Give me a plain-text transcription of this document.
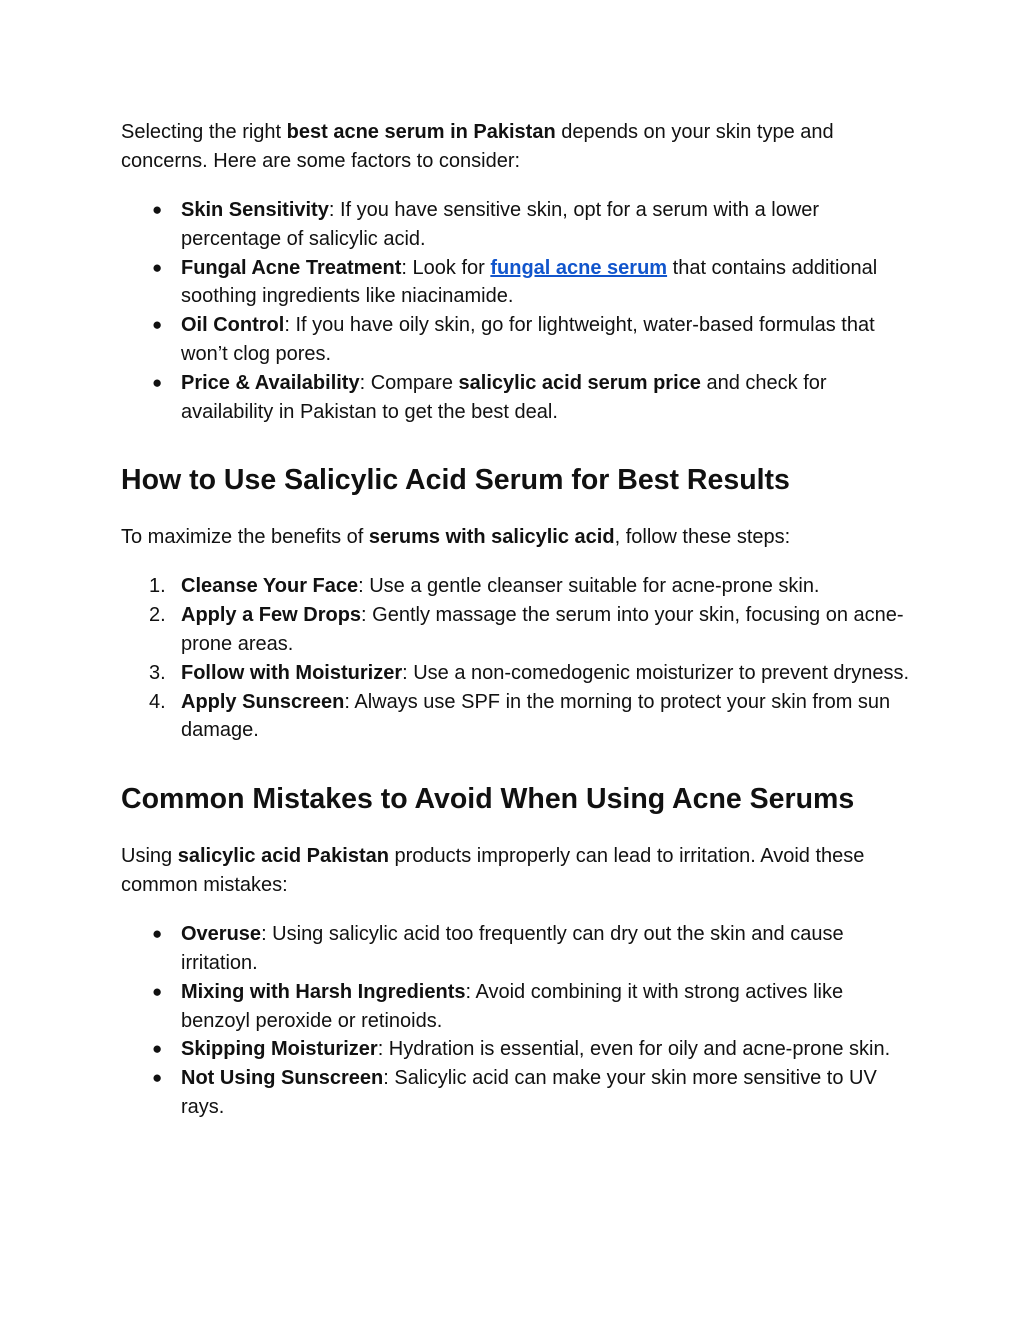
Selecting the right best acne serum in Pakistan depends on your skin type and concerns. Here are some factors to consider:

● Skin Sensitivity: If you have sensitive skin, opt for a serum with a lower percentage of salicylic acid.
● Fungal Acne Treatment: Look for fungal acne serum that contains additional soothing ingredients like niacinamide.
● Oil Control: If you have oily skin, go for lightweight, water-based formulas that won’t clog pores.
● Price & Availability: Compare salicylic acid serum price and check for availability in Pakistan to get the best deal.
How to Use Salicylic Acid Serum for Best Results

To maximize the benefits of serums with salicylic acid, follow these steps:

1. Cleanse Your Face: Use a gentle cleanser suitable for acne-prone skin.
2. Apply a Few Drops: Gently massage the serum into your skin, focusing on acne-prone areas.
3. Follow with Moisturizer: Use a non-comedogenic moisturizer to prevent dryness.
4. Apply Sunscreen: Always use SPF in the morning to protect your skin from sun damage.
Common Mistakes to Avoid When Using Acne Serums

Using salicylic acid Pakistan products improperly can lead to irritation. Avoid these common mistakes:

● Overuse: Using salicylic acid too frequently can dry out the skin and cause irritation.
● Mixing with Harsh Ingredients: Avoid combining it with strong actives like benzoyl peroxide or retinoids.
● Skipping Moisturizer: Hydration is essential, even for oily and acne-prone skin.
● Not Using Sunscreen: Salicylic acid can make your skin more sensitive to UV rays.
